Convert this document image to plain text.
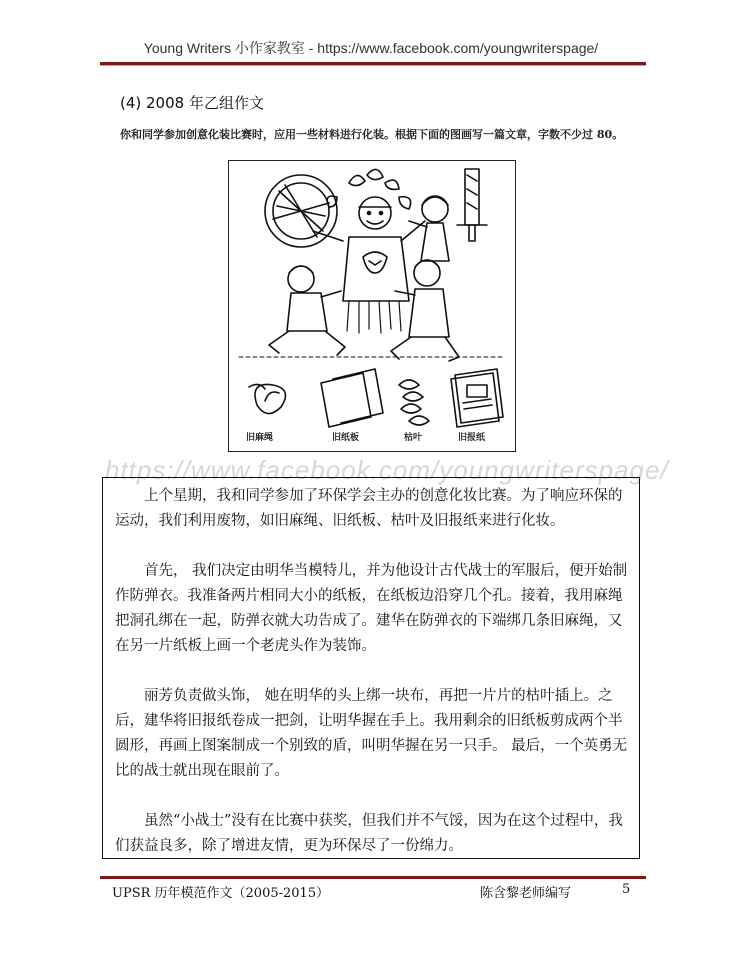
Young Writers 小作家教室 - https://www.facebook.com/youngwriterspage/
(4) 2008 年乙组作文
你和同学参加创意化装比赛时，应用一些材料进行化装。根据下面的图画写一篇文章，字数不少过 80。
旧麻绳	旧纸板	枯叶	旧报纸
https://www.facebook.com/youngwriterspage/

上个星期，我和同学参加了环保学会主办的创意化妆比赛。为了响应环保的运动，我们利用废物，如旧麻绳、旧纸板、枯叶及旧报纸来进行化妆。

首先， 我们决定由明华当模特儿，并为他设计古代战士的军服后，便开始制作防弹衣。我准备两片相同大小的纸板，在纸板边沿穿几个孔。接着，我用麻绳把洞孔绑在一起，防弹衣就大功告成了。建华在防弹衣的下端绑几条旧麻绳，又在另一片纸板上画一个老虎头作为装饰。

丽芳负责做头饰， 她在明华的头上绑一块布，再把一片片的枯叶插上。之后，建华将旧报纸卷成一把剑，让明华握在手上。我用剩余的旧纸板剪成两个半圆形，再画上图案制成一个别致的盾，叫明华握在另一只手。 最后，一个英勇无比的战士就出现在眼前了。

虽然“小战士”没有在比赛中获奖，但我们并不气馁，因为在这个过程中，我们获益良多，除了增进友情，更为环保尽了一份绵力。

UPSR 历年模范作文（2005-2015）	陈含黎老师编写	5
